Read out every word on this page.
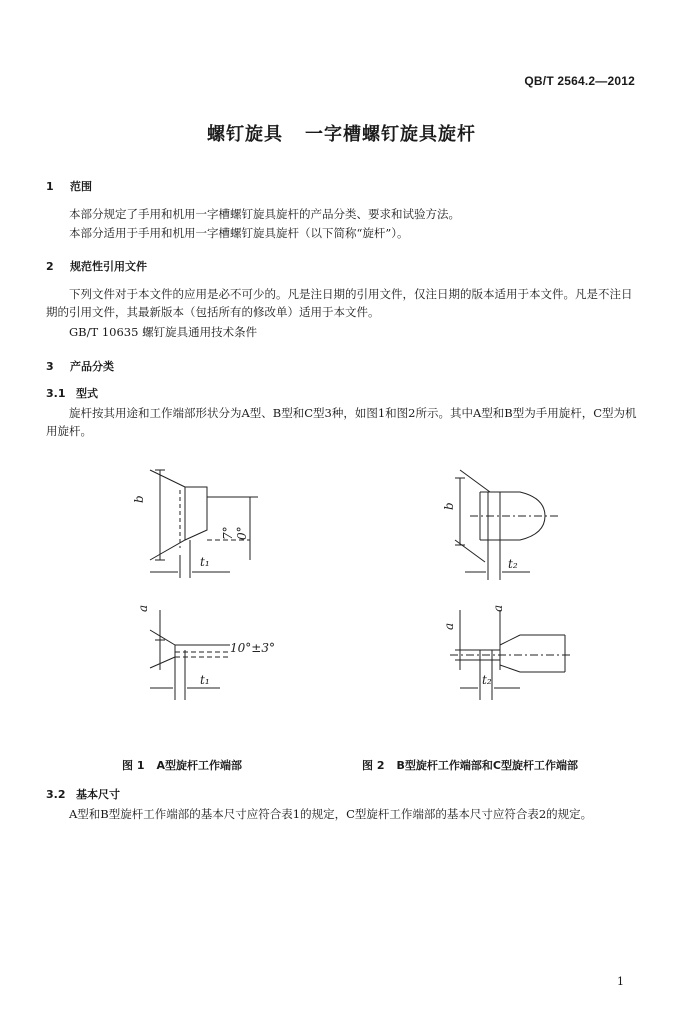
QB/T 2564.2—2012
螺钉旋具 一字槽螺钉旋具旋杆
1 范围
本部分规定了手用和机用一字槽螺钉旋具旋杆的产品分类、要求和试验方法。
本部分适用于手用和机用一字槽螺钉旋具旋杆（以下简称“旋杆”）。
2 规范性引用文件
下列文件对于本文件的应用是必不可少的。凡是注日期的引用文件，仅注日期的版本适用于本文件。凡是不注日期的引用文件，其最新版本（包括所有的修改单）适用于本文件。
GB/T 10635 螺钉旋具通用技术条件
3 产品分类
3.1 型式
旋杆按其用途和工作端部形状分为A型、B型和C型3种，如图1和图2所示。其中A型和B型为手用旋杆，C型为机用旋杆。
b
7° 0°
t₁
a
10°±3°
t₁
b
t₂
a
a
t₂
图 1 A型旋杆工作端部	图 2 B型旋杆工作端部和C型旋杆工作端部
3.2 基本尺寸
A型和B型旋杆工作端部的基本尺寸应符合表1的规定，C型旋杆工作端部的基本尺寸应符合表2的规定。
1
